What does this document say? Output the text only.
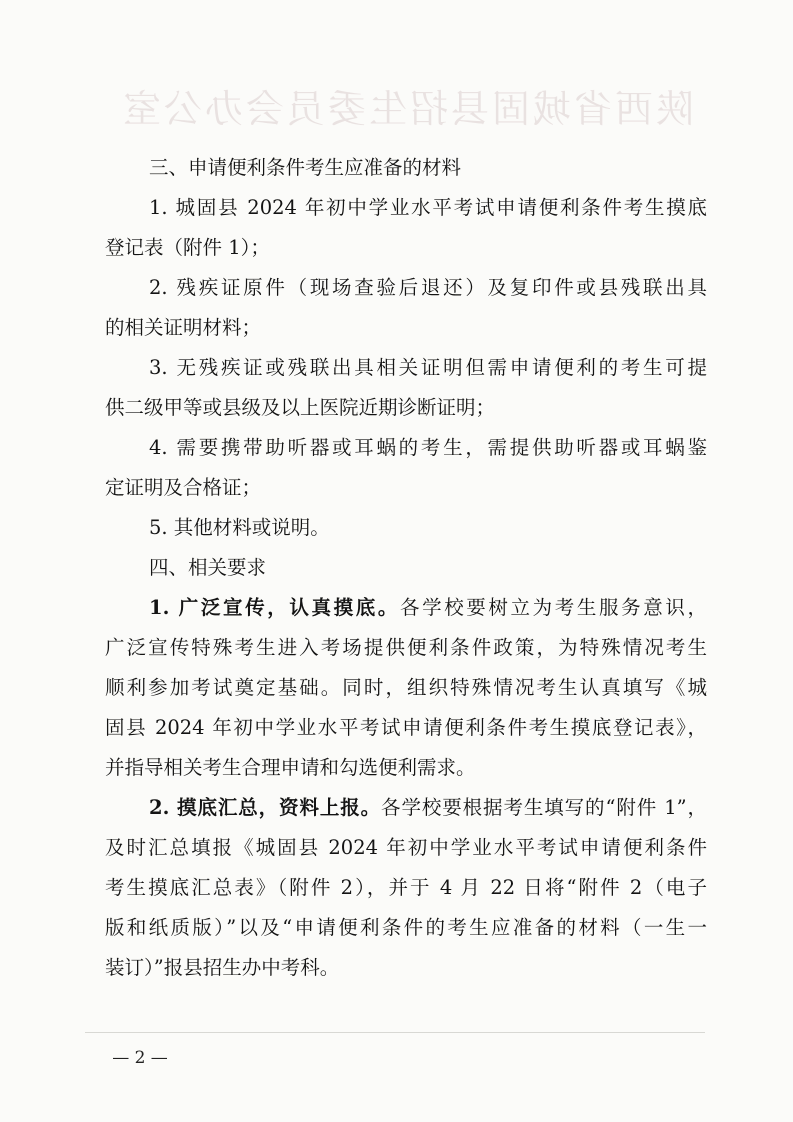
陕西省城固县招生委员会办公室
三、申请便利条件考生应准备的材料
1. 城固县 2024 年初中学业水平考试申请便利条件考生摸底
登记表（附件 1）；
2. 残疾证原件（现场查验后退还）及复印件或县残联出具
的相关证明材料；
3. 无残疾证或残联出具相关证明但需申请便利的考生可提
供二级甲等或县级及以上医院近期诊断证明；
4. 需要携带助听器或耳蜗的考生，需提供助听器或耳蜗鉴
定证明及合格证；
5. 其他材料或说明。
四、相关要求
1. 广泛宣传，认真摸底。各学校要树立为考生服务意识，
广泛宣传特殊考生进入考场提供便利条件政策，为特殊情况考生
顺利参加考试奠定基础。同时，组织特殊情况考生认真填写《城
固县 2024 年初中学业水平考试申请便利条件考生摸底登记表》，
并指导相关考生合理申请和勾选便利需求。
2. 摸底汇总，资料上报。各学校要根据考生填写的“附件 1”，
及时汇总填报《城固县 2024 年初中学业水平考试申请便利条件
考生摸底汇总表》（附件 2），并于 4 月 22 日将“附件 2（电子
版和纸质版）”以及“申请便利条件的考生应准备的材料（一生一
装订）”报县招生办中考科。
— 2 —
